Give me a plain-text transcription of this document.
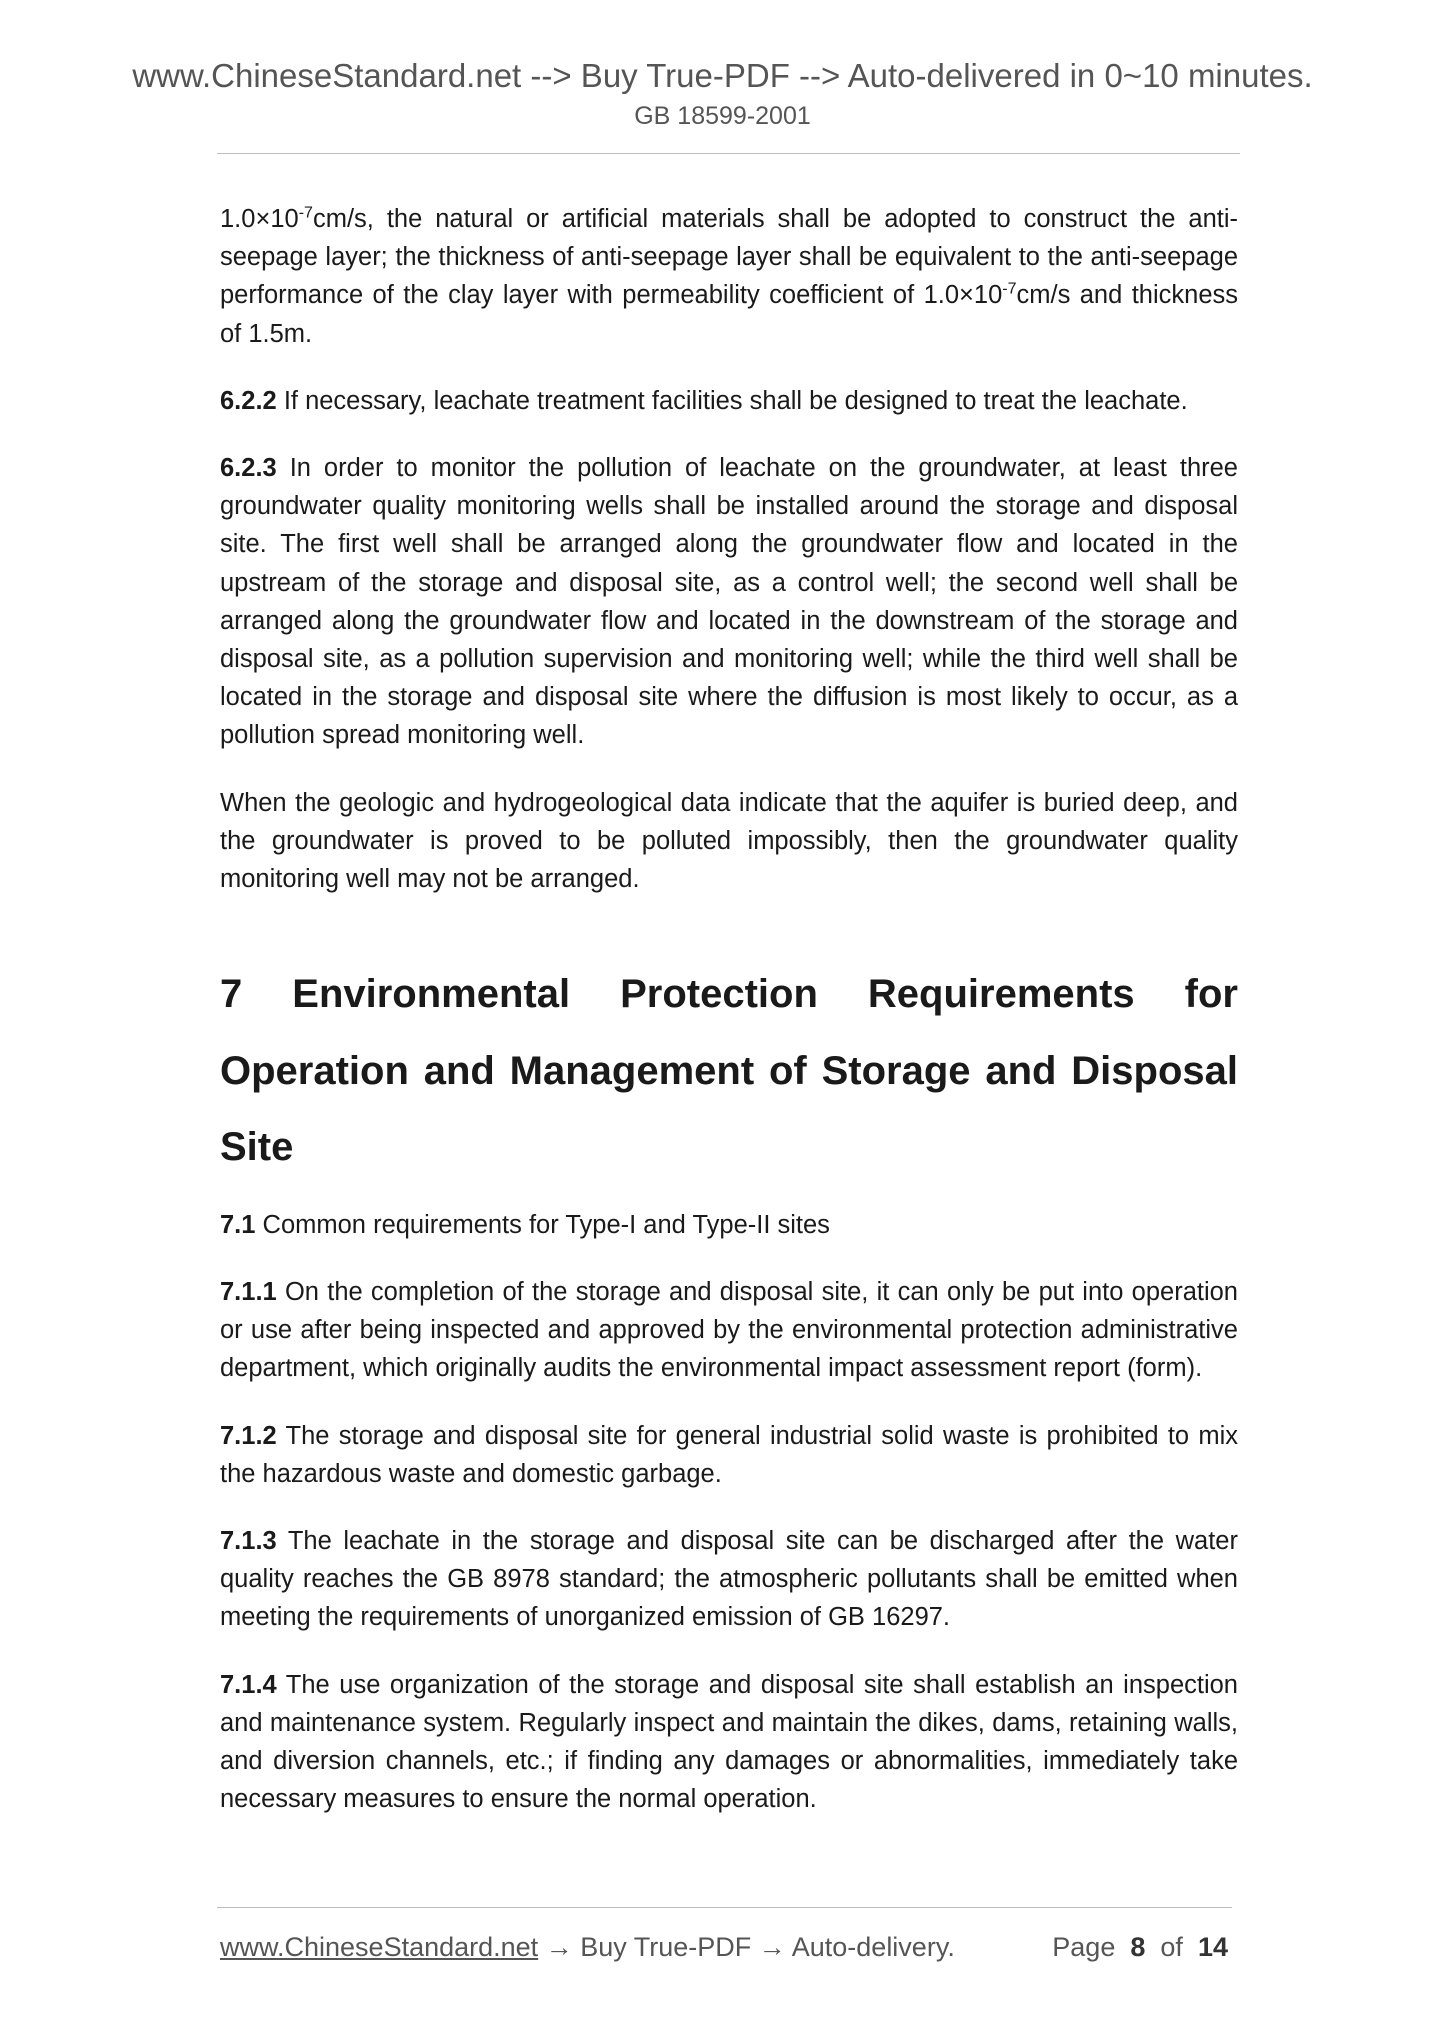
www.ChineseStandard.net --> Buy True-PDF --> Auto-delivered in 0~10 minutes.
GB 18599-2001

$1.0\times 10^{-7}cm/s$, the natural or artificial materials shall be adopted to construct the anti-seepage layer; the thickness of anti-seepage layer shall be equivalent to the anti-seepage performance of the clay layer with permeability coefficient of $1.0\times 10^{-7}cm/s$ and thickness of 1.5m.

6.2.2 If necessary, leachate treatment facilities shall be designed to treat the leachate.

6.2.3 In order to monitor the pollution of leachate on the groundwater, at least three groundwater quality monitoring wells shall be installed around the storage and disposal site. The first well shall be arranged along the groundwater flow and located in the upstream of the storage and disposal site, as a control well; the second well shall be arranged along the groundwater flow and located in the downstream of the storage and disposal site, as a pollution supervision and monitoring well; while the third well shall be located in the storage and disposal site where the diffusion is most likely to occur, as a pollution spread monitoring well.

When the geologic and hydrogeological data indicate that the aquifer is buried deep, and the groundwater is proved to be polluted impossibly, then the groundwater quality monitoring well may not be arranged.

7 Environmental Protection Requirements for Operation and Management of Storage and Disposal Site

7.1 Common requirements for Type-I and Type-II sites

7.1.1 On the completion of the storage and disposal site, it can only be put into operation or use after being inspected and approved by the environmental protection administrative department, which originally audits the environmental impact assessment report (form).

7.1.2 The storage and disposal site for general industrial solid waste is prohibited to mix the hazardous waste and domestic garbage.

7.1.3 The leachate in the storage and disposal site can be discharged after the water quality reaches the GB 8978 standard; the atmospheric pollutants shall be emitted when meeting the requirements of unorganized emission of GB 16297.

7.1.4 The use organization of the storage and disposal site shall establish an inspection and maintenance system. Regularly inspect and maintain the dikes, dams, retaining walls, and diversion channels, etc.; if finding any damages or abnormalities, immediately take necessary measures to ensure the normal operation.

www.ChineseStandard.net → Buy True-PDF → Auto-delivery.	Page 8 of 14
